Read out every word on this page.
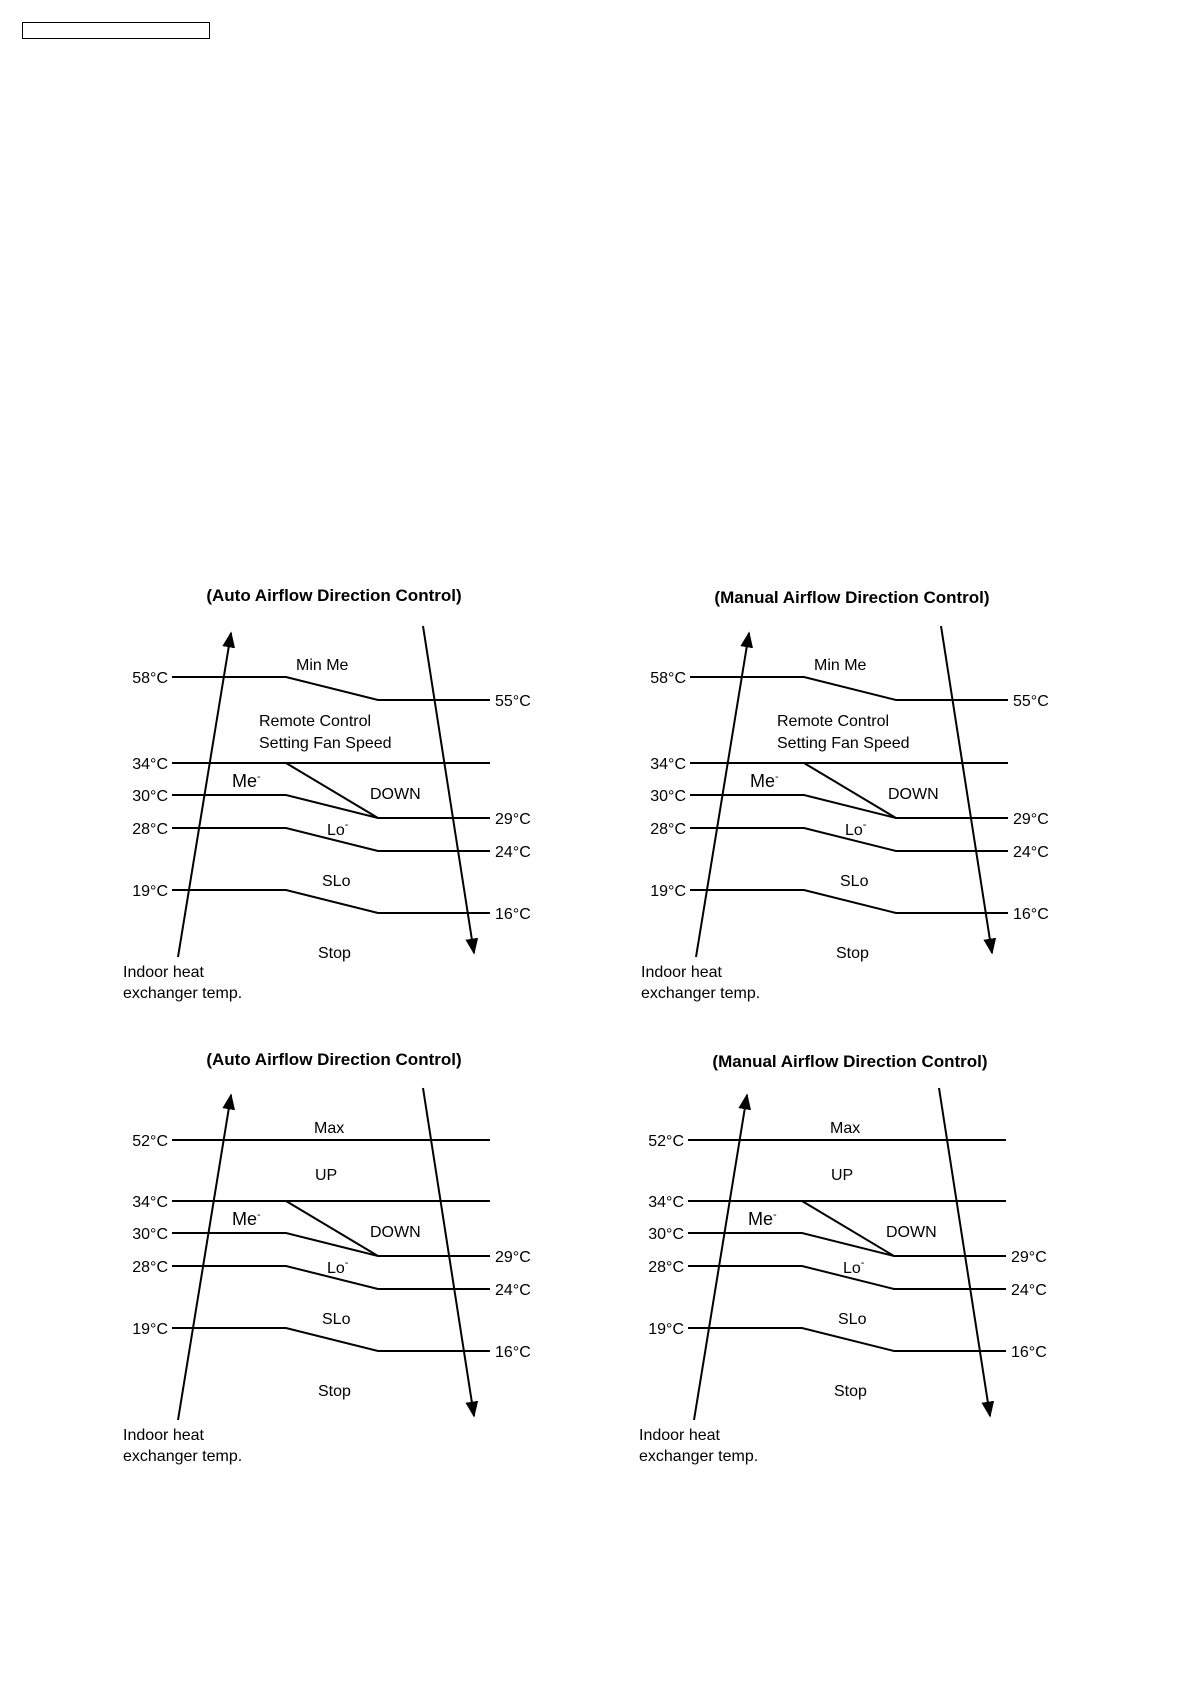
(Auto Airflow Direction Control)
58°C
34°C
30°C
28°C
19°C
55°C
29°C
24°C
16°C
Min Me
Remote Control
Setting Fan Speed
Me-
DOWN
Lo-
SLo
Stop
Indoor heat
exchanger temp.
(Manual Airflow Direction Control)
58°C
34°C
30°C
28°C
19°C
55°C
29°C
24°C
16°C
Min Me
Remote Control
Setting Fan Speed
Me-
DOWN
Lo-
SLo
Stop
Indoor heat
exchanger temp.
(Auto Airflow Direction Control)
52°C
34°C
30°C
28°C
19°C
29°C
24°C
16°C
Max
UP
Me-
DOWN
Lo-
SLo
Stop
Indoor heat
exchanger temp.
(Manual Airflow Direction Control)
52°C
34°C
30°C
28°C
19°C
29°C
24°C
16°C
Max
UP
Me-
DOWN
Lo-
SLo
Stop
Indoor heat
exchanger temp.
